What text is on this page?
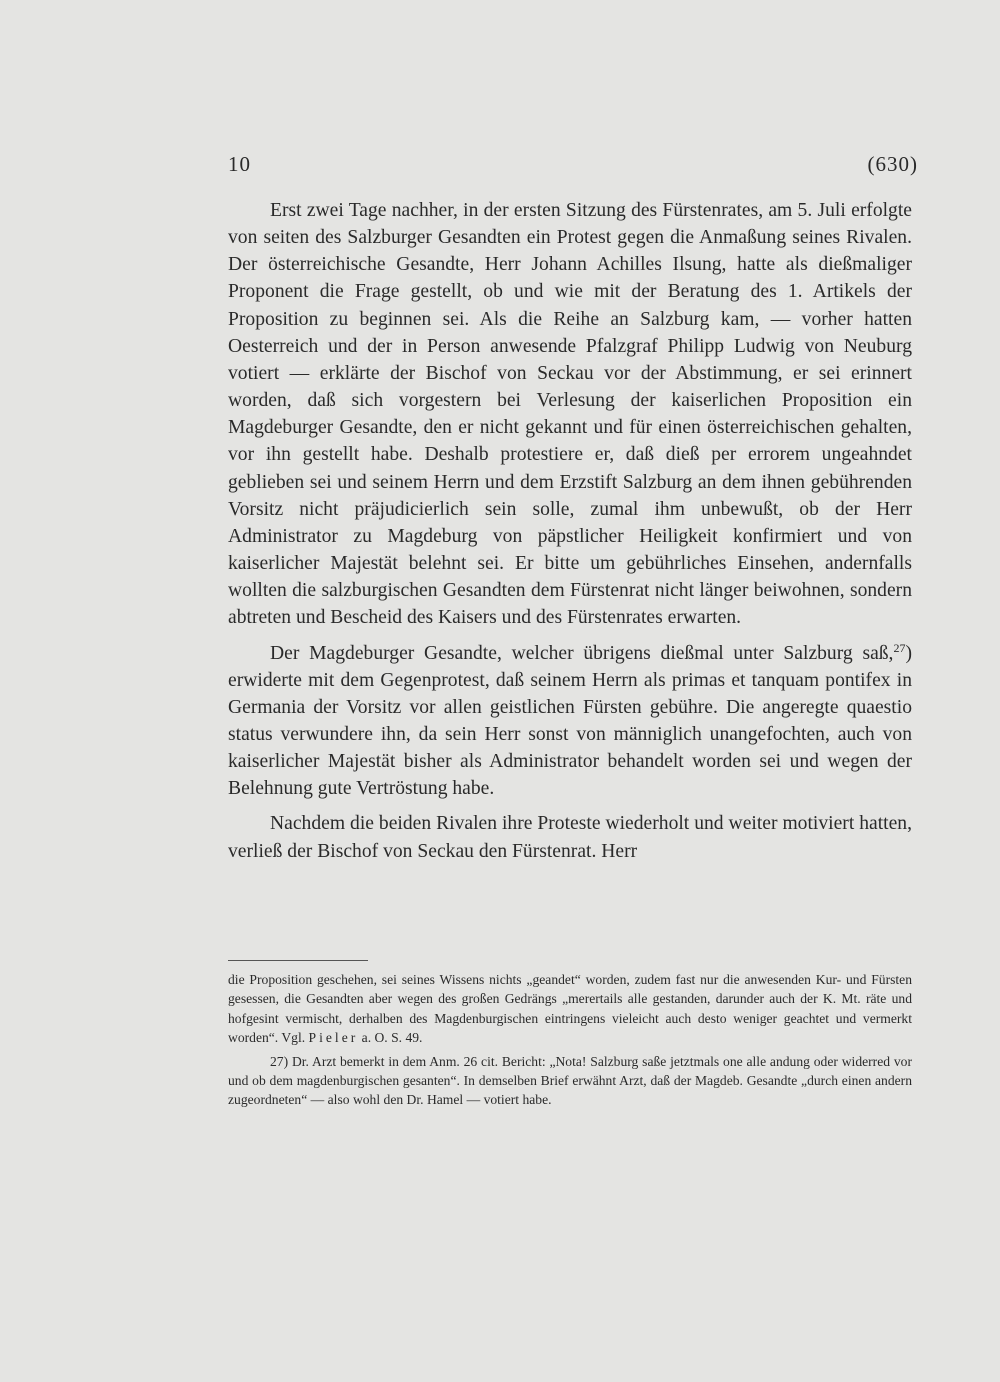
10	(630)

Erst zwei Tage nachher, in der ersten Sitzung des Fürstenrates, am 5. Juli erfolgte von seiten des Salzburger Gesandten ein Protest gegen die Anmaßung seines Rivalen. Der österreichische Gesandte, Herr Johann Achilles Ilsung, hatte als dießmaliger Proponent die Frage gestellt, ob und wie mit der Beratung des 1. Artikels der Proposition zu beginnen sei. Als die Reihe an Salzburg kam, — vorher hatten Oesterreich und der in Person anwesende Pfalzgraf Philipp Ludwig von Neuburg votiert — erklärte der Bischof von Seckau vor der Abstimmung, er sei erinnert worden, daß sich vorgestern bei Verlesung der kaiserlichen Proposition ein Magdeburger Gesandte, den er nicht gekannt und für einen österreichischen gehalten, vor ihn gestellt habe. Deshalb protestiere er, daß dieß per errorem ungeahndet geblieben sei und seinem Herrn und dem Erzstift Salzburg an dem ihnen gebührenden Vorsitz nicht präjudicierlich sein solle, zumal ihm unbewußt, ob der Herr Administrator zu Magdeburg von päpstlicher Heiligkeit konfirmiert und von kaiserlicher Majestät belehnt sei. Er bitte um gebührliches Einsehen, andernfalls wollten die salzburgischen Gesandten dem Fürstenrat nicht länger beiwohnen, sondern abtreten und Bescheid des Kaisers und des Fürstenrates erwarten.

Der Magdeburger Gesandte, welcher übrigens dießmal unter Salzburg saß,$^{27}$) erwiderte mit dem Gegenprotest, daß seinem Herrn als primas et tanquam pontifex in Germania der Vorsitz vor allen geistlichen Fürsten gebühre. Die angeregte quaestio status verwundere ihn, da sein Herr sonst von männiglich unangefochten, auch von kaiserlicher Majestät bisher als Administrator behandelt worden sei und wegen der Belehnung gute Vertröstung habe.

Nachdem die beiden Rivalen ihre Proteste wiederholt und weiter motiviert hatten, verließ der Bischof von Seckau den Fürstenrat. Herr

die Proposition geschehen, sei seines Wissens nichts „geandet“ worden, zudem fast nur die anwesenden Kur- und Fürsten gesessen, die Gesandten aber wegen des großen Gedrängs „merertails alle gestanden, darunder auch der K. Mt. räte und hofgesint vermischt, derhalben des Magdenburgischen eintringens vieleicht auch desto weniger geachtet und vermerkt worden“. Vgl. Pieler a. O. S. 49.

27) Dr. Arzt bemerkt in dem Anm. 26 cit. Bericht: „Nota! Salzburg saße jetztmals one alle andung oder widerred vor und ob dem magdenburgischen gesanten“. In demselben Brief erwähnt Arzt, daß der Magdeb. Gesandte „durch einen andern zugeordneten“ — also wohl den Dr. Hamel — votiert habe.
